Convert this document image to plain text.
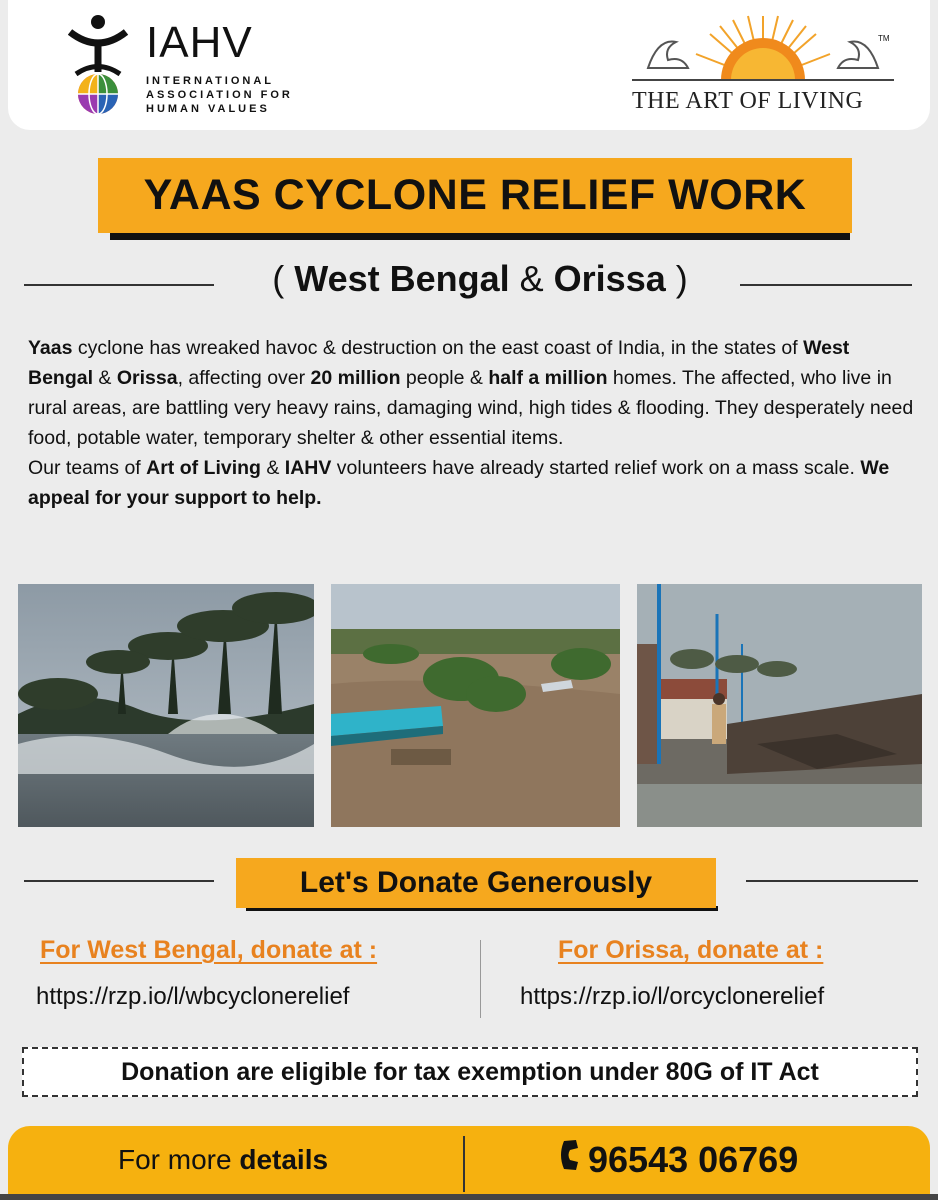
IAHV
INTERNATIONAL
ASSOCIATION FOR
HUMAN VALUES
TM
THE ART OF LIVING
YAAS CYCLONE RELIEF WORK
( West Bengal & Orissa )
Yaas cyclone has wreaked havoc & destruction on the east coast of India, in the states of West Bengal & Orissa, affecting over 20 million people & half a million homes. The affected, who live in rural areas, are battling very heavy rains, damaging wind, high tides & flooding. They desperately need food, potable water, temporary shelter & other essential items.
Our teams of Art of Living & IAHV volunteers have already started relief work on a mass scale. We appeal for your support to help.
Let's Donate Generously
For West Bengal, donate at :
https://rzp.io/l/wbcyclonerelief
For Orissa, donate at :
https://rzp.io/l/orcyclonerelief
Donation are eligible for tax exemption under 80G of IT Act
For more details	96543 06769
